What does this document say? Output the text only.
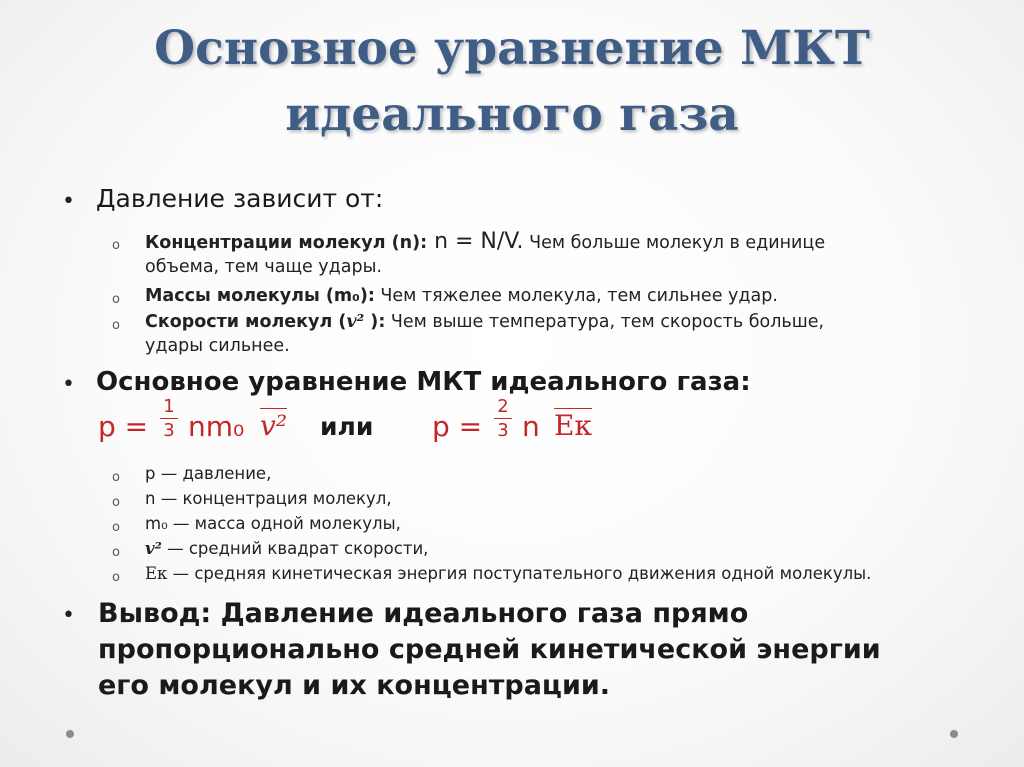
Основное уравнение МКТ
идеального газа
• Давление зависит от:
o Концентрации молекул (n): n = N/V. Чем больше молекул в единице
объема, тем чаще удары.
o Массы молекулы (m₀): Чем тяжелее молекула, тем сильнее удар.
o Скорости молекул (v² ): Чем выше температура, тем скорость больше,
удары сильнее.
• Основное уравнение МКТ идеального газа:
p =
1
3 nm₀ v² или p =
2
3 n Eк
o p — давление,
o n — концентрация молекул,
o m₀ — масса одной молекулы,
o v² — средний квадрат скорости,
o Eк — средняя кинетическая энергия поступательного движения одной молекулы.
• Вывод: Давление идеального газа прямо
пропорционально средней кинетической энергии
его молекул и их концентрации.
